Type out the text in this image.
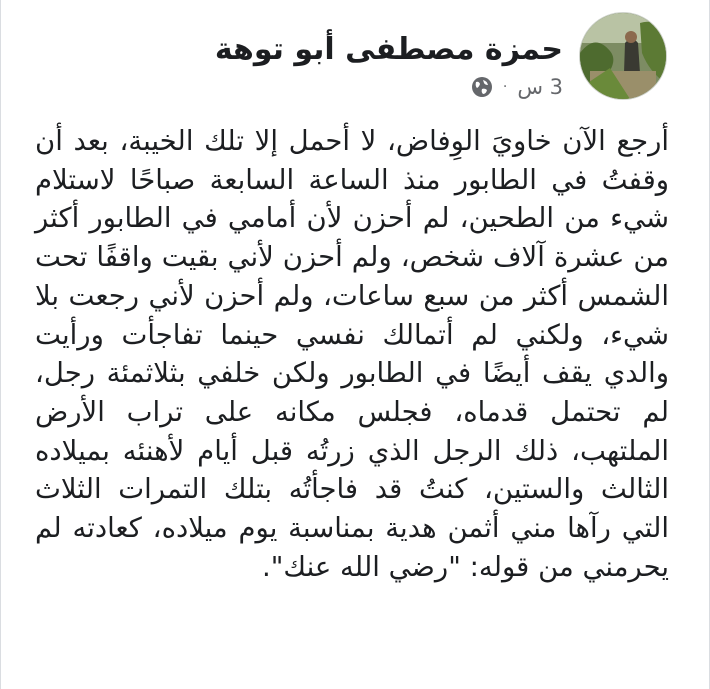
حمزة مصطفى أبو توهة
3 س
·
أرجع الآن خاويَ الوِفاض، لا أحمل إلا تلك الخيبة، بعد أن وقفتُ في الطابور منذ الساعة السابعة صباحًا لاستلام شيء من الطحين، لم أحزن لأن أمامي في الطابور أكثر من عشرة آلاف شخص، ولم أحزن لأني بقيت واقفًا تحت الشمس أكثر من سبع ساعات، ولم أحزن لأني رجعت بلا شيء، ولكني لم أتمالك نفسي حينما تفاجأت ورأيت والدي يقف أيضًا في الطابور ولكن خلفي بثلاثمئة رجل، لم تحتمل قدماه، فجلس مكانه على تراب الأرض الملتهب، ذلك الرجل الذي زرتُه قبل أيام لأهنئه بميلاده الثالث والستين، كنتُ قد فاجأتُه بتلك التمرات الثلاث التي رآها مني أثمن هدية بمناسبة يوم ميلاده، كعادته لم يحرمني من قوله: "رضي الله عنك".
